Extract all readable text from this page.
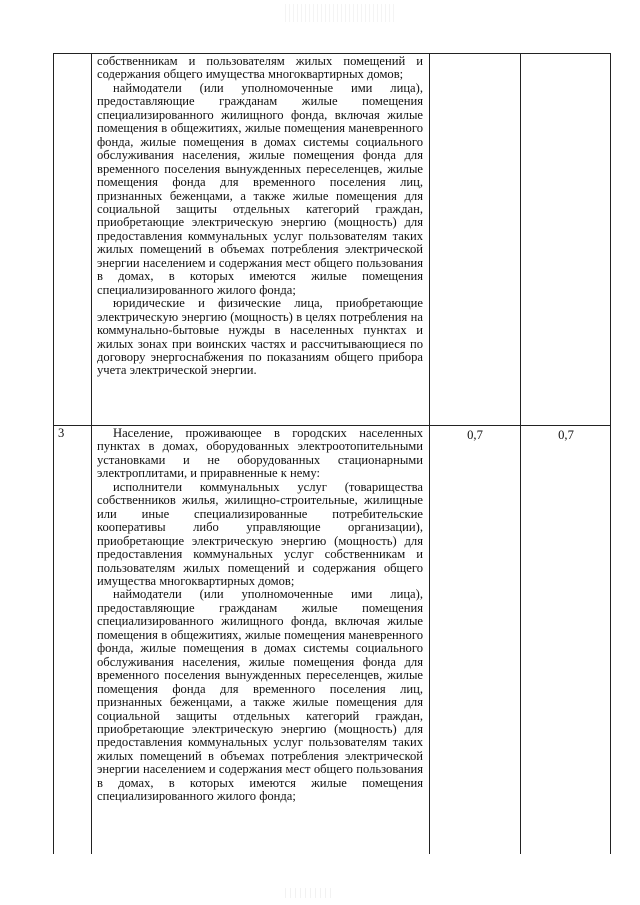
собственникам и пользователям жилых помещений и содержания общего имущества многоквартирных домов;

наймодатели (или уполномоченные ими лица), предоставляющие гражданам жилые помещения специализированного жилищного фонда, включая жилые помещения в общежитиях, жилые помещения маневренного фонда, жилые помещения в домах системы социального обслуживания населения, жилые помещения фонда для временного поселения вынужденных переселенцев, жилые помещения фонда для временного поселения лиц, признанных беженцами, а также жилые помещения для социальной защиты отдельных категорий граждан, приобретающие электрическую энергию (мощность) для предоставления коммунальных услуг пользователям таких жилых помещений в объемах потребления электрической энергии населением и содержания мест общего пользования в домах, в которых имеются жилые помещения специализированного жилого фонда;

юридические и физические лица, приобретающие электрическую энергию (мощность) в целях потребления на коммунально-бытовые нужды в населенных пунктах и жилых зонах при воинских частях и рассчитывающиеся по договору энергоснабжения по показаниям общего прибора учета электрической энергии.

3	Население, проживающее в городских населенных пунктах в домах, оборудованных электроотопительными установками и не оборудованных стационарными электроплитами, и приравненные к нему:

исполнители коммунальных услуг (товарищества собственников жилья, жилищно-строительные, жилищные или иные специализированные потребительские кооперативы либо управляющие организации), приобретающие электрическую энергию (мощность) для предоставления коммунальных услуг собственникам и пользователям жилых помещений и содержания общего имущества многоквартирных домов;

наймодатели (или уполномоченные ими лица), предоставляющие гражданам жилые помещения специализированного жилищного фонда, включая жилые помещения в общежитиях, жилые помещения маневренного фонда, жилые помещения в домах системы социального обслуживания населения, жилые помещения фонда для временного поселения вынужденных переселенцев, жилые помещения фонда для временного поселения лиц, признанных беженцами, а также жилые помещения для социальной защиты отдельных категорий граждан, приобретающие электрическую энергию (мощность) для предоставления коммунальных услуг пользователям таких жилых помещений в объемах потребления электрической энергии населением и содержания мест общего пользования в домах, в которых имеются жилые помещения специализированного жилого фонда;

0,7	0,7
